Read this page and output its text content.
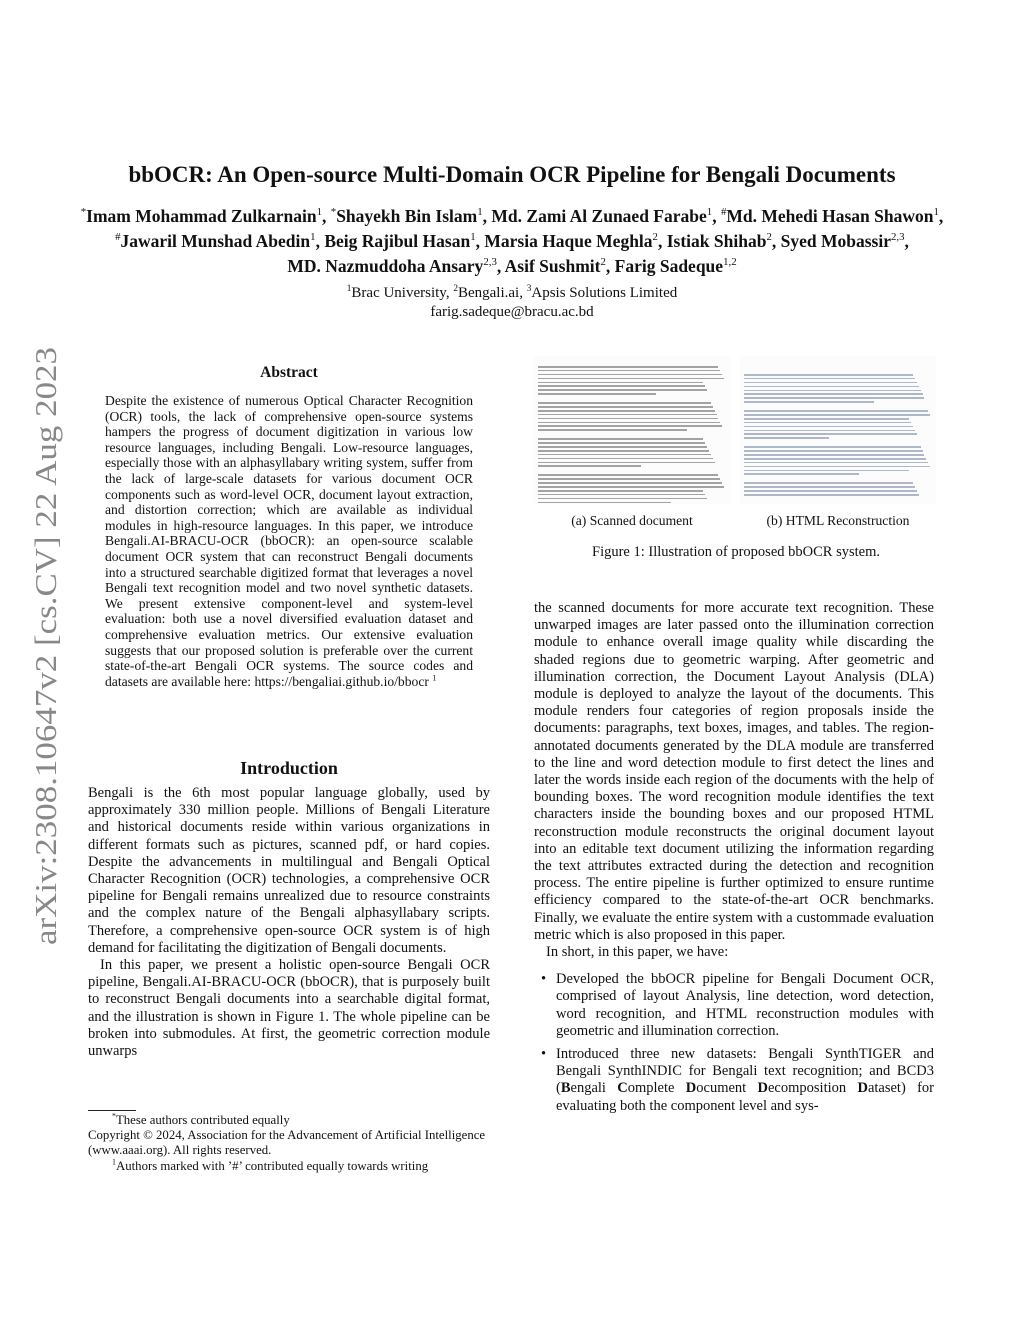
arXiv:2308.10647v2 [cs.CV] 22 Aug 2023
bbOCR: An Open-source Multi-Domain OCR Pipeline for Bengali Documents
*Imam Mohammad Zulkarnain$^1$, *Shayekh Bin Islam$^1$, Md. Zami Al Zunaed Farabe$^1$, #Md. Mehedi Hasan Shawon$^1$, #Jawaril Munshad Abedin$^1$, Beig Rajibul Hasan$^1$, Marsia Haque Meghla$^2$, Istiak Shihab$^2$, Syed Mobassir$^{2,3}$, MD. Nazmuddoha Ansary$^{2,3}$, Asif Sushmit$^2$, Farig Sadeque$^{1,2}$
$^1$Brac University, $^2$Bengali.ai, $^3$Apsis Solutions Limited
farig.sadeque@bracu.ac.bd
Abstract
Despite the existence of numerous Optical Character Recognition (OCR) tools, the lack of comprehensive open-source systems hampers the progress of document digitization in various low resource languages, including Bengali. Low-resource languages, especially those with an alphasyllabary writing system, suffer from the lack of large-scale datasets for various document OCR components such as word-level OCR, document layout extraction, and distortion correction; which are available as individual modules in high-resource languages. In this paper, we introduce Bengali.AI-BRACU-OCR (bbOCR): an open-source scalable document OCR system that can reconstruct Bengali documents into a structured searchable digitized format that leverages a novel Bengali text recognition model and two novel synthetic datasets. We present extensive component-level and system-level evaluation: both use a novel diversified evaluation dataset and comprehensive evaluation metrics. Our extensive evaluation suggests that our proposed solution is preferable over the current state-of-the-art Bengali OCR systems. The source codes and datasets are available here: https://bengaliai.github.io/bbocr $^1$
Introduction

Bengali is the 6th most popular language globally, used by approximately 330 million people. Millions of Bengali Literature and historical documents reside within various organizations in different formats such as pictures, scanned pdf, or hard copies. Despite the advancements in multilingual and Bengali Optical Character Recognition (OCR) technologies, a comprehensive OCR pipeline for Bengali remains unrealized due to resource constraints and the complex nature of the Bengali alphasyllabary scripts. Therefore, a comprehensive open-source OCR system is of high demand for facilitating the digitization of Bengali documents.

In this paper, we present a holistic open-source Bengali OCR pipeline, Bengali.AI-BRACU-OCR (bbOCR), that is purposely built to reconstruct Bengali documents into a searchable digital format, and the illustration is shown in Figure 1. The whole pipeline can be broken into submodules. At first, the geometric correction module unwarps

*These authors contributed equally
Copyright © 2024, Association for the Advancement of Artificial Intelligence (www.aaai.org). All rights reserved.
$^1$Authors marked with ’#’ contributed equally towards writing
(a) Scanned document	(b) HTML Reconstruction
Figure 1: Illustration of proposed bbOCR system.

the scanned documents for more accurate text recognition. These unwarped images are later passed onto the illumination correction module to enhance overall image quality while discarding the shaded regions due to geometric warping. After geometric and illumination correction, the Document Layout Analysis (DLA) module is deployed to analyze the layout of the documents. This module renders four categories of region proposals inside the documents: paragraphs, text boxes, images, and tables. The region-annotated documents generated by the DLA module are transferred to the line and word detection module to first detect the lines and later the words inside each region of the documents with the help of bounding boxes. The word recognition module identifies the text characters inside the bounding boxes and our proposed HTML reconstruction module reconstructs the original document layout into an editable text document utilizing the information regarding the text attributes extracted during the detection and recognition process. The entire pipeline is further optimized to ensure runtime efficiency compared to the state-of-the-art OCR benchmarks. Finally, we evaluate the entire system with a custommade evaluation metric which is also proposed in this paper.

In short, in this paper, we have:

• Developed the bbOCR pipeline for Bengali Document OCR, comprised of layout Analysis, line detection, word detection, word recognition, and HTML reconstruction modules with geometric and illumination correction.
• Introduced three new datasets: Bengali SynthTIGER and Bengali SynthINDIC for Bengali text recognition; and BCD3 (Bengali Complete Document Decomposition Dataset) for evaluating both the component level and sys-
